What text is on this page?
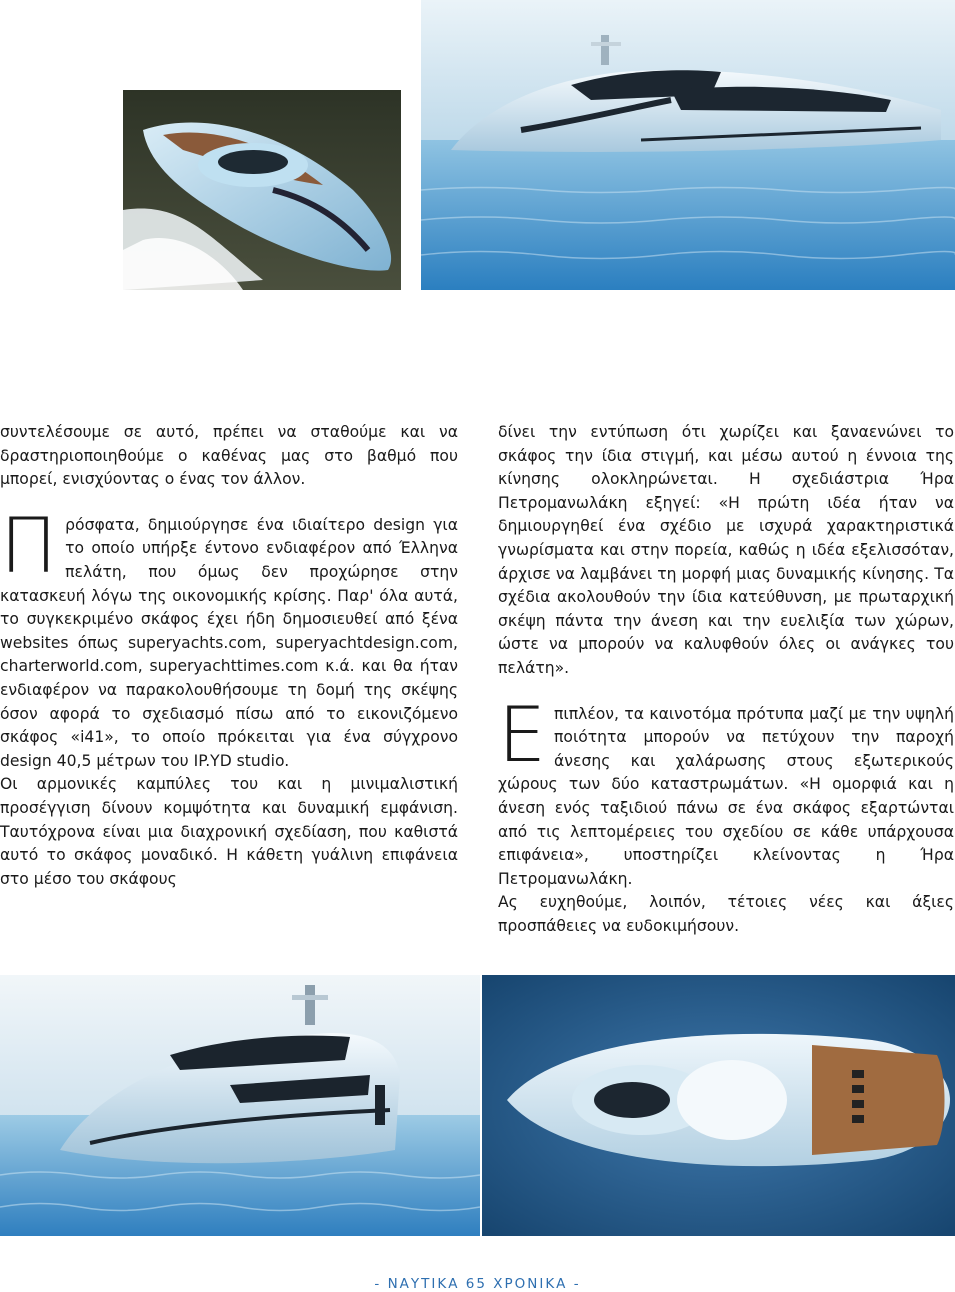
συντελέσουμε σε αυτό, πρέπει να σταθούμε και να δραστηριοποιηθούμε ο καθένας μας στο βαθμό που μπορεί, ενισχύοντας ο ένας τον άλλον.

Πρόσφατα, δημιούργησε ένα ιδιαίτερο design για το οποίο υπήρξε έντονο ενδιαφέρον από Έλληνα πελάτη, που όμως δεν προχώρησε στην κατασκευή λόγω της οικονομικής κρίσης. Παρ' όλα αυτά, το συγκεκριμένο σκάφος έχει ήδη δημοσιευθεί από ξένα websites όπως superyachts.com, superyachtdesign.com, charterworld.com, superyachttimes.com κ.ά. και θα ήταν ενδιαφέρον να παρακολουθήσουμε τη δομή της σκέψης όσον αφορά το σχεδιασμό πίσω από το εικονιζόμενο σκάφος «i41», το οποίο πρόκειται για ένα σύγχρονο design 40,5 μέτρων του IP.YD studio.

Οι αρμονικές καμπύλες του και η μινιμαλιστική προσέγγιση δίνουν κομψότητα και δυναμική εμφάνιση. Ταυτόχρονα είναι μια διαχρονική σχεδίαση, που καθιστά αυτό το σκάφος μοναδικό. Η κάθετη γυάλινη επιφάνεια στο μέσο του σκάφους

δίνει την εντύπωση ότι χωρίζει και ξαναενώνει το σκάφος την ίδια στιγμή, και μέσω αυτού η έννοια της κίνησης ολοκληρώνεται. Η σχεδιάστρια Ήρα Πετρομανωλάκη εξηγεί: «Η πρώτη ιδέα ήταν να δημιουργηθεί ένα σχέδιο με ισχυρά χαρακτηριστικά γνωρίσματα και στην πορεία, καθώς η ιδέα εξελισσόταν, άρχισε να λαμβάνει τη μορφή μιας δυναμικής κίνησης. Τα σχέδια ακολουθούν την ίδια κατεύθυνση, με πρωταρχική σκέψη πάντα την άνεση και την ευελιξία των χώρων, ώστε να μπορούν να καλυφθούν όλες οι ανάγκες του πελάτη».

Επιπλέον, τα καινοτόμα πρότυπα μαζί με την υψηλή ποιότητα μπορούν να πετύχουν την παροχή άνεσης και χαλάρωσης στους εξωτερικούς χώρους των δύο καταστρωμάτων. «Η ομορφιά και η άνεση ενός ταξιδιού πάνω σε ένα σκάφος εξαρτώνται από τις λεπτομέρειες του σχεδίου σε κάθε υπάρχουσα επιφάνεια», υποστηρίζει κλείνοντας η Ήρα Πετρομανωλάκη.

Ας ευχηθούμε, λοιπόν, τέτοιες νέες και άξιες προσπάθειες να ευδοκιμήσουν.

- ΝΑΥΤΙΚΑ 65 ΧΡΟΝΙΚΑ -
